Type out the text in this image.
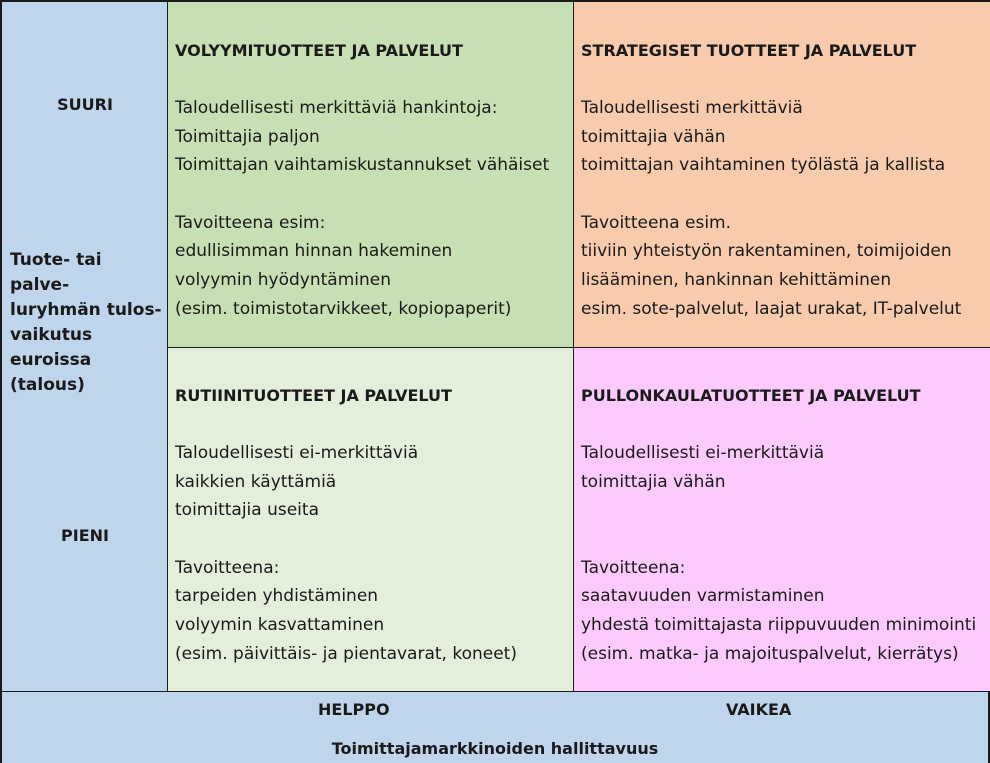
SUURI
Tuote- tai palve-
luryhmän tulos-
vaikutus euroissa
(talous)
PIENI
VOLYYMITUOTTEET JA PALVELUT
Taloudellisesti merkittäviä hankintoja:
Toimittajia paljon
Toimittajan vaihtamiskustannukset vähäiset
Tavoitteena esim:
edullisimman hinnan hakeminen
volyymin hyödyntäminen
(esim. toimistotarvikkeet, kopiopaperit)
STRATEGISET TUOTTEET JA PALVELUT
Taloudellisesti merkittäviä
toimittajia vähän
toimittajan vaihtaminen työlästä ja kallista
Tavoitteena esim.
tiiviin yhteistyön rakentaminen, toimijoiden
lisääminen, hankinnan kehittäminen
esim. sote-palvelut, laajat urakat, IT-palvelut
RUTIINITUOTTEET JA PALVELUT
Taloudellisesti ei-merkittäviä
kaikkien käyttämiä
toimittajia useita
Tavoitteena:
tarpeiden yhdistäminen
volyymin kasvattaminen
(esim. päivittäis- ja pientavarat, koneet)
PULLONKAULATUOTTEET JA PALVELUT
Taloudellisesti ei-merkittäviä
toimittajia vähän
Tavoitteena:
saatavuuden varmistaminen
yhdestä toimittajasta riippuvuuden minimointi
(esim. matka- ja majoituspalvelut, kierrätys)
HELPPO	VAIKEA
Toimittajamarkkinoiden hallittavuus
